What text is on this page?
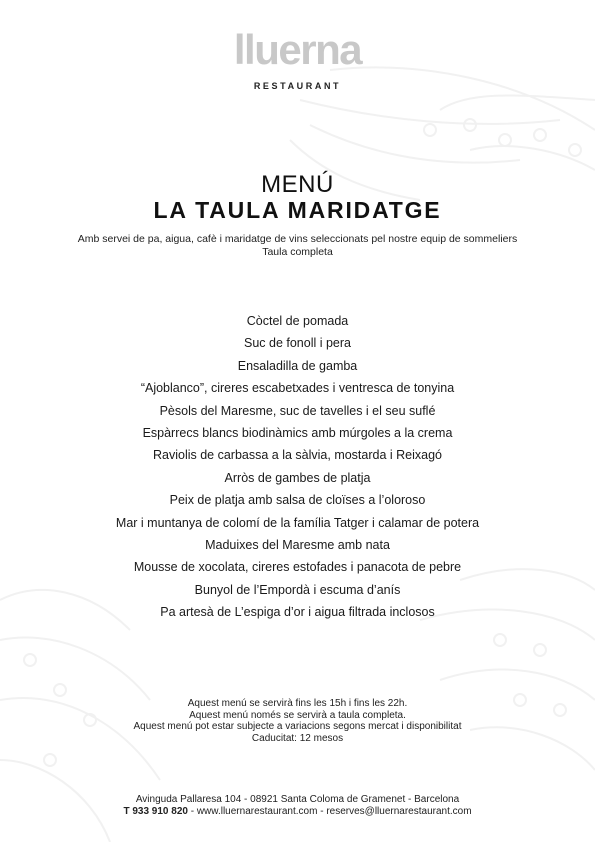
lluerna
RESTAURANT
MENÚ
LA TAULA MARIDATGE
Amb servei de pa, aigua, cafè i maridatge de vins seleccionats pel nostre equip de sommeliers
Taula completa
Còctel de pomada
Suc de fonoll i pera
Ensaladilla de gamba
“Ajoblanco”, cireres escabetxades i ventresca de tonyina
Pèsols del Maresme, suc de tavelles i el seu suflé
Espàrrecs blancs biodinàmics amb múrgoles a la crema
Raviolis de carbassa a la sàlvia, mostarda i Reixagó
Arròs de gambes de platja
Peix de platja amb salsa de cloïses a l’oloroso
Mar i muntanya de colomí de la família Tatger i calamar de potera
Maduixes del Maresme amb nata
Mousse de xocolata, cireres estofades i panacota de pebre
Bunyol de l’Empordà i escuma d’anís
Pa artesà de L’espiga d’or i aigua filtrada inclosos
Aquest menú se servirà fins les 15h i fins les 22h.
Aquest menú només se servirà a taula completa.
Aquest menú pot estar subjecte a variacions segons mercat i disponibilitat
Caducitat: 12 mesos
Avinguda Pallaresa 104 - 08921 Santa Coloma de Gramenet - Barcelona
T 933 910 820 - www.lluernarestaurant.com - reserves@lluernarestaurant.com
